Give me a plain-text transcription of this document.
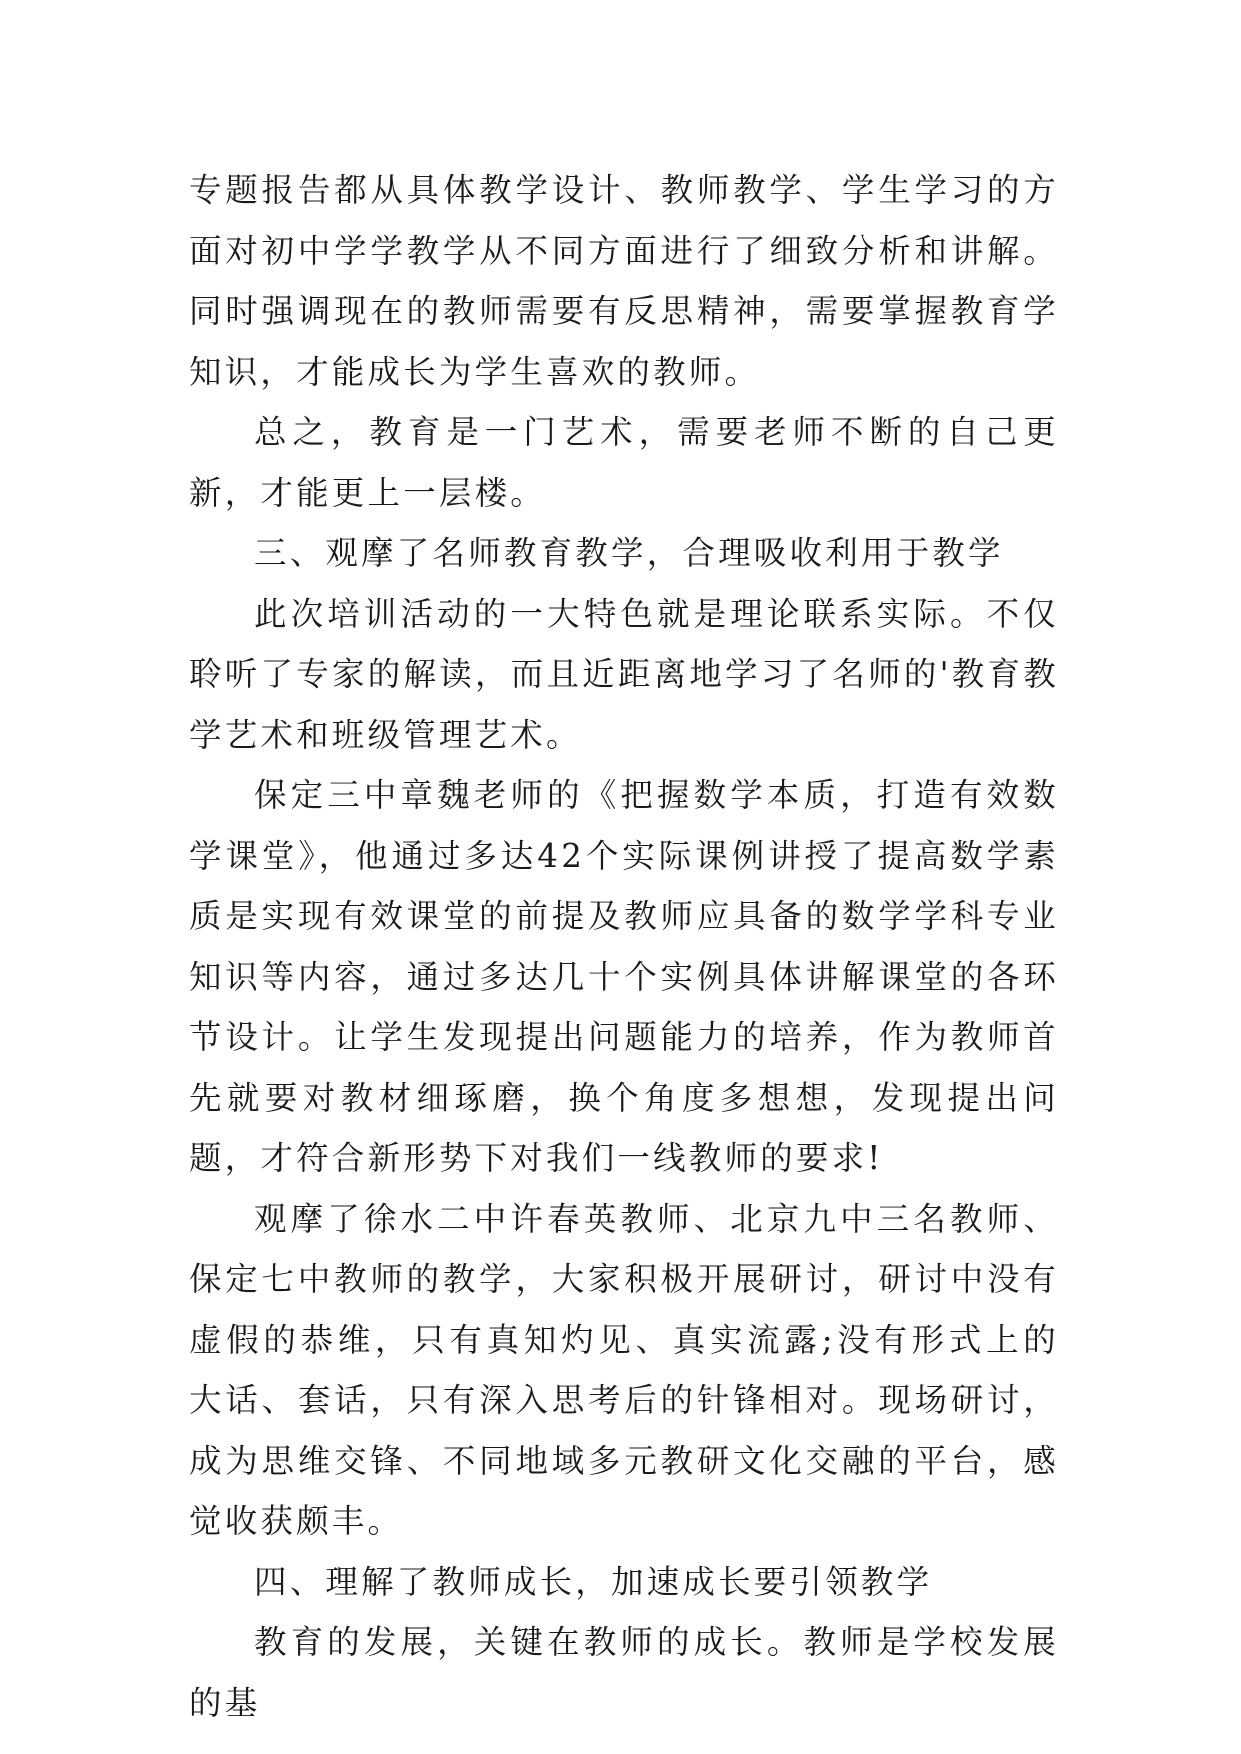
专题报告都从具体教学设计、教师教学、学生学习的方面对初中学学教学从不同方面进行了细致分析和讲解。同时强调现在的教师需要有反思精神，需要掌握教育学知识，才能成长为学生喜欢的教师。

总之，教育是一门艺术，需要老师不断的自己更新，才能更上一层楼。

三、观摩了名师教育教学，合理吸收利用于教学

此次培训活动的一大特色就是理论联系实际。不仅聆听了专家的解读，而且近距离地学习了名师的'教育教学艺术和班级管理艺术。

保定三中章魏老师的《把握数学本质，打造有效数学课堂》，他通过多达42个实际课例讲授了提高数学素质是实现有效课堂的前提及教师应具备的数学学科专业知识等内容，通过多达几十个实例具体讲解课堂的各环节设计。让学生发现提出问题能力的培养，作为教师首先就要对教材细琢磨，换个角度多想想，发现提出问题，才符合新形势下对我们一线教师的要求!

观摩了徐水二中许春英教师、北京九中三名教师、保定七中教师的教学，大家积极开展研讨，研讨中没有虚假的恭维，只有真知灼见、真实流露;没有形式上的大话、套话，只有深入思考后的针锋相对。现场研讨，成为思维交锋、不同地域多元教研文化交融的平台，感觉收获颇丰。

四、理解了教师成长，加速成长要引领教学

教育的发展，关键在教师的成长。教师是学校发展的基
